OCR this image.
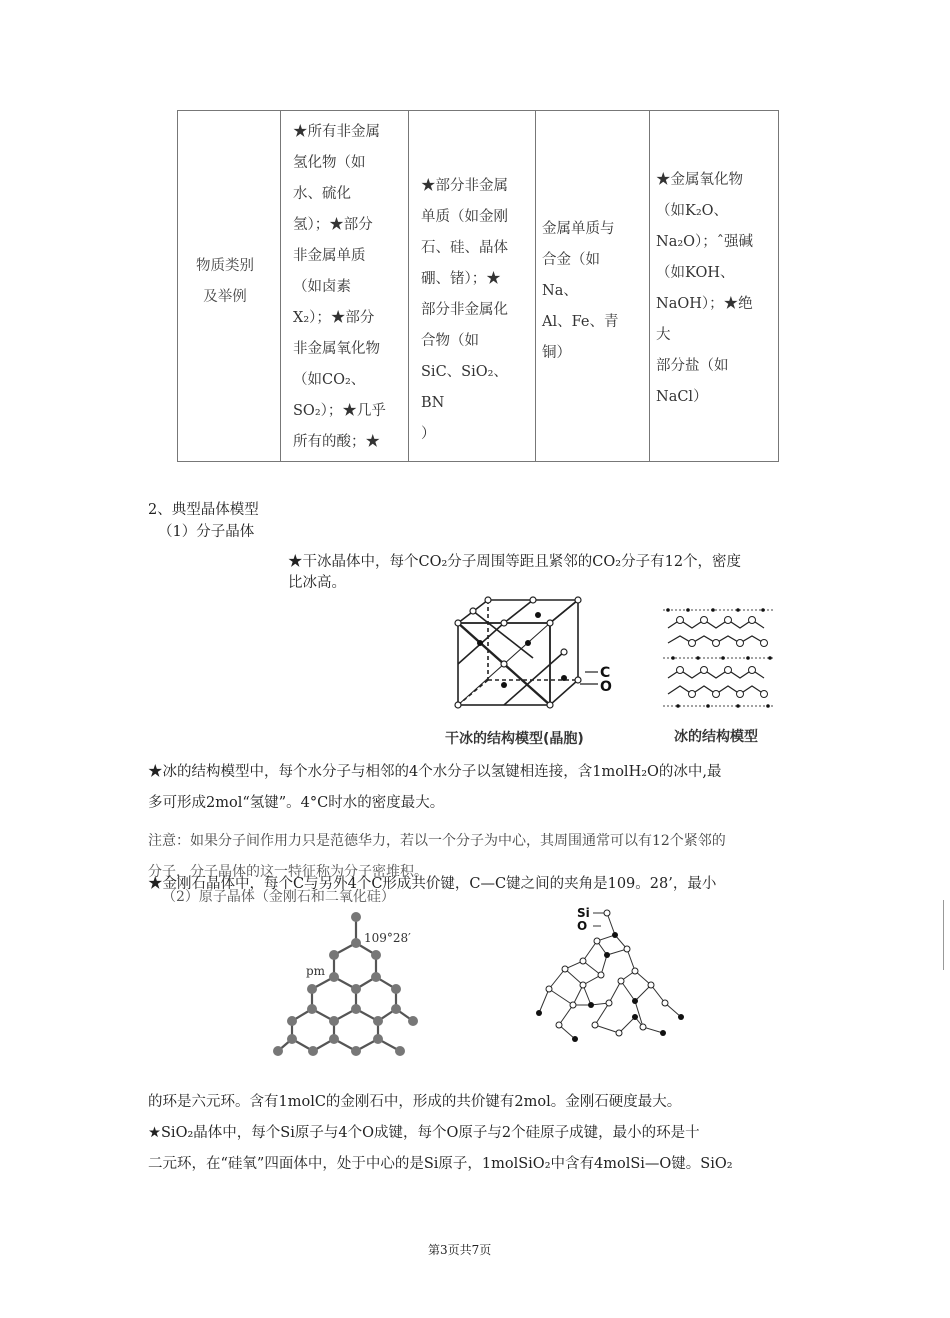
物质类别及举例

★所有非金属
氢化物（如
水、硫化
氢）；★部分
非金属单质
（如卤素
X₂）；★部分
非金属氧化物
（如CO₂、
SO₂）；★几乎
所有的酸；★

★部分非金属
单质（如金刚
石、硅、晶体
硼、锗）；★
部分非金属化
合物（如
SiC、SiO₂、BN
）

金属单质与
合金（如
Na、
Al、Fe、青
铜）

★金属氧化物
（如K₂O、
Na₂O）；ˆ强碱
（如KOH、
NaOH）；★绝
大
部分盐（如
NaCl）
2、典型晶体模型
（1）分子晶体
★干冰晶体中，每个CO₂分子周围等距且紧邻的CO₂分子有12个，密度
比冰高。
C
O
干冰的结构模型(晶胞)	冰的结构模型
★冰的结构模型中，每个水分子与相邻的4个水分子以氢键相连接，含1molH₂O的冰中,最
多可形成2mol“氢键”。4°C时水的密度最大。
注意：如果分子间作用力只是范德华力，若以一个分子为中心，其周围通常可以有12个紧邻的
分子，分子晶体的这一特征称为分子密堆积。
★金刚石晶体中，每个C与另外4个C形成共价键，C—C键之间的夹角是109。28’，最小
（2）原子晶体（金刚石和二氧化硅）
109°28′
pm
Si
O
的环是六元环。含有1molC的金刚石中，形成的共价键有2mol。金刚石硬度最大。
★SiO₂晶体中，每个Si原子与4个O成键，每个O原子与2个硅原子成键，最小的环是十
二元环，在“硅氧”四面体中，处于中心的是Si原子，1molSiO₂中含有4molSi—O键。SiO₂
第3页共7页
